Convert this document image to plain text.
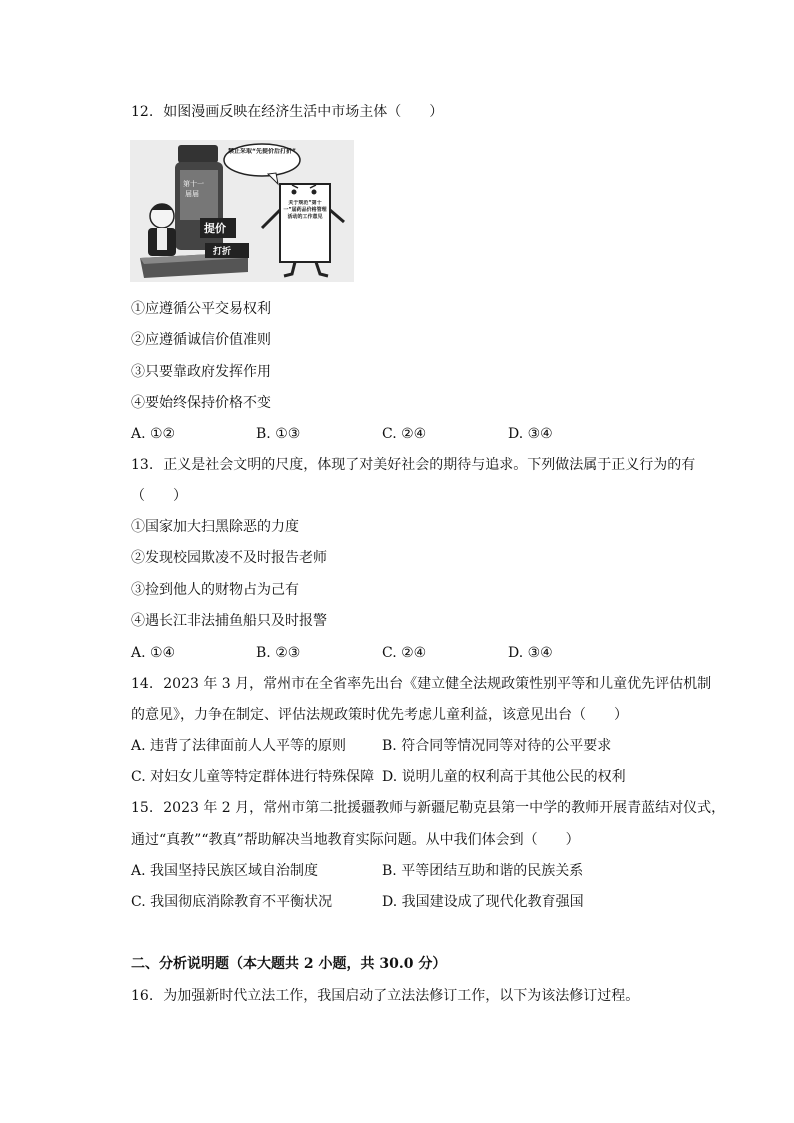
12. 如图漫画反映在经济生活中市场主体（　　）
第十一
届届
提价
打折
禁止采取“先提价后打折”
关于规范“第十一”届药品价格管理活动的工作意见
①应遵循公平交易权利
②应遵循诚信价值准则
③只要靠政府发挥作用
④要始终保持价格不变
A. ①②	B. ①③	C. ②④	D. ③④
13. 正义是社会文明的尺度，体现了对美好社会的期待与追求。下列做法属于正义行为的有
（　　）
①国家加大扫黑除恶的力度
②发现校园欺凌不及时报告老师
③捡到他人的财物占为己有
④遇长江非法捕鱼船只及时报警
A. ①④	B. ②③	C. ②④	D. ③④
14. 2023 年 3 月，常州市在全省率先出台《建立健全法规政策性别平等和儿童优先评估机制
的意见》，力争在制定、评估法规政策时优先考虑儿童利益，该意见出台（　　）
A. 违背了法律面前人人平等的原则	B. 符合同等情况同等对待的公平要求
C. 对妇女儿童等特定群体进行特殊保障 D. 说明儿童的权利高于其他公民的权利
15. 2023 年 2 月，常州市第二批援疆教师与新疆尼勒克县第一中学的教师开展青蓝结对仪式，
通过“真教”“教真”帮助解决当地教育实际问题。从中我们体会到（　　）
A. 我国坚持民族区域自治制度	B. 平等团结互助和谐的民族关系
C. 我国彻底消除教育不平衡状况	D. 我国建设成了现代化教育强国
二、分析说明题（本大题共 2 小题，共 30.0 分）
16. 为加强新时代立法工作，我国启动了立法法修订工作，以下为该法修订过程。
